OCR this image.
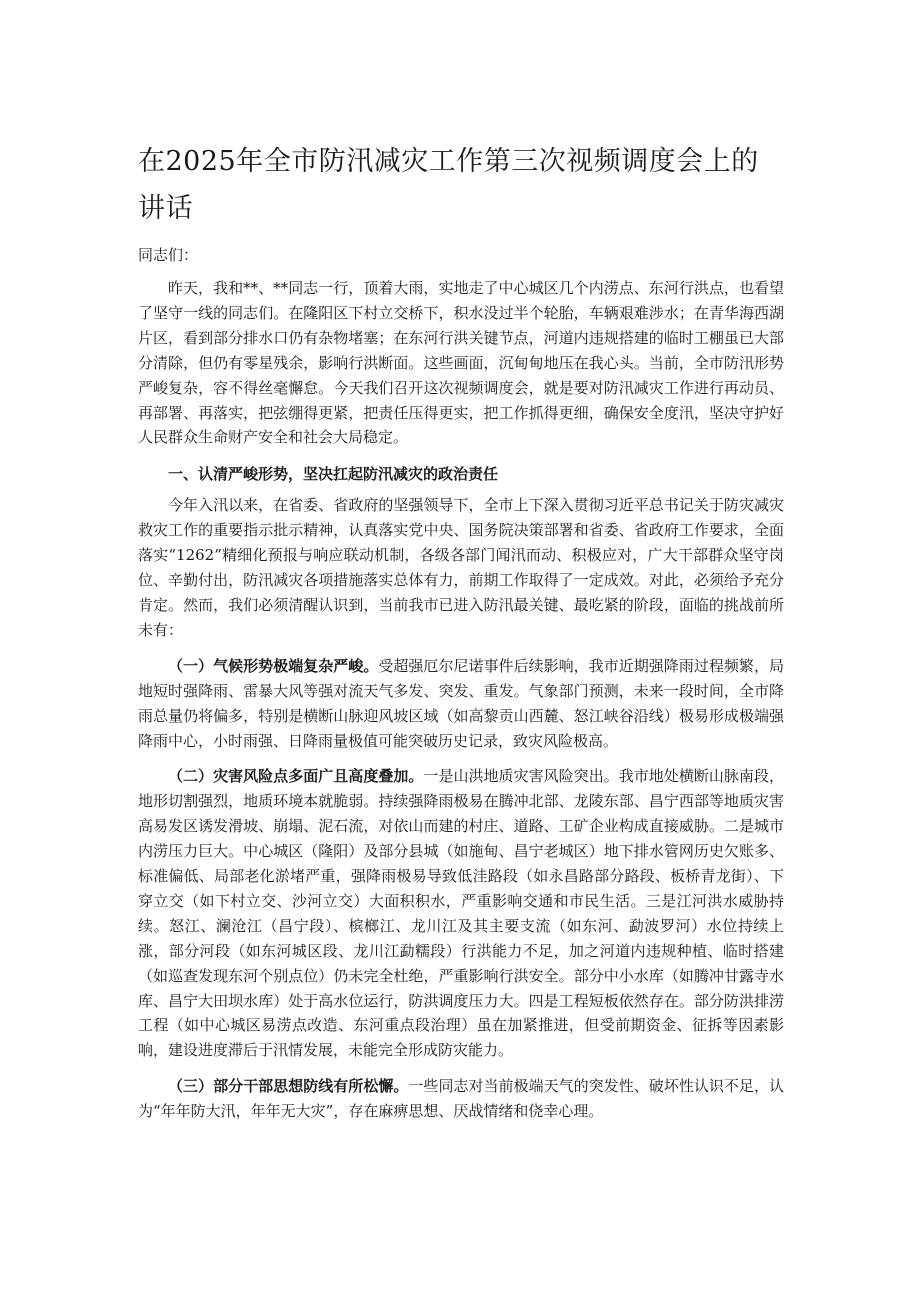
在2025年全市防汛减灾工作第三次视频调度会上的讲话

同志们：

昨天，我和**、**同志一行，顶着大雨，实地走了中心城区几个内涝点、东河行洪点，也看望了坚守一线的同志们。在隆阳区下村立交桥下，积水没过半个轮胎，车辆艰难涉水；在青华海西湖片区，看到部分排水口仍有杂物堵塞；在东河行洪关键节点，河道内违规搭建的临时工棚虽已大部分清除，但仍有零星残余，影响行洪断面。这些画面，沉甸甸地压在我心头。当前，全市防汛形势严峻复杂，容不得丝毫懈怠。今天我们召开这次视频调度会，就是要对防汛减灾工作进行再动员、再部署、再落实，把弦绷得更紧，把责任压得更实，把工作抓得更细，确保安全度汛，坚决守护好人民群众生命财产安全和社会大局稳定。

一、认清严峻形势，坚决扛起防汛减灾的政治责任

今年入汛以来，在省委、省政府的坚强领导下，全市上下深入贯彻习近平总书记关于防灾减灾救灾工作的重要指示批示精神，认真落实党中央、国务院决策部署和省委、省政府工作要求，全面落实“1262”精细化预报与响应联动机制，各级各部门闻汛而动、积极应对，广大干部群众坚守岗位、辛勤付出，防汛减灾各项措施落实总体有力，前期工作取得了一定成效。对此，必须给予充分肯定。然而，我们必须清醒认识到，当前我市已进入防汛最关键、最吃紧的阶段，面临的挑战前所未有：

（一）气候形势极端复杂严峻。受超强厄尔尼诺事件后续影响，我市近期强降雨过程频繁，局地短时强降雨、雷暴大风等强对流天气多发、突发、重发。气象部门预测，未来一段时间，全市降雨总量仍将偏多，特别是横断山脉迎风坡区域（如高黎贡山西麓、怒江峡谷沿线）极易形成极端强降雨中心，小时雨强、日降雨量极值可能突破历史记录，致灾风险极高。

（二）灾害风险点多面广且高度叠加。一是山洪地质灾害风险突出。我市地处横断山脉南段，地形切割强烈，地质环境本就脆弱。持续强降雨极易在腾冲北部、龙陵东部、昌宁西部等地质灾害高易发区诱发滑坡、崩塌、泥石流，对依山而建的村庄、道路、工矿企业构成直接威胁。二是城市内涝压力巨大。中心城区（隆阳）及部分县城（如施甸、昌宁老城区）地下排水管网历史欠账多、标准偏低、局部老化淤堵严重，强降雨极易导致低洼路段（如永昌路部分路段、板桥青龙街）、下穿立交（如下村立交、沙河立交）大面积积水，严重影响交通和市民生活。三是江河洪水威胁持续。怒江、澜沧江（昌宁段）、槟榔江、龙川江及其主要支流（如东河、勐波罗河）水位持续上涨，部分河段（如东河城区段、龙川江勐糯段）行洪能力不足，加之河道内违规种植、临时搭建（如巡查发现东河个别点位）仍未完全杜绝，严重影响行洪安全。部分中小水库（如腾冲甘露寺水库、昌宁大田坝水库）处于高水位运行，防洪调度压力大。四是工程短板依然存在。部分防洪排涝工程（如中心城区易涝点改造、东河重点段治理）虽在加紧推进，但受前期资金、征拆等因素影响，建设进度滞后于汛情发展，未能完全形成防灾能力。

（三）部分干部思想防线有所松懈。一些同志对当前极端天气的突发性、破坏性认识不足，认为“年年防大汛，年年无大灾”，存在麻痹思想、厌战情绪和侥幸心理。
